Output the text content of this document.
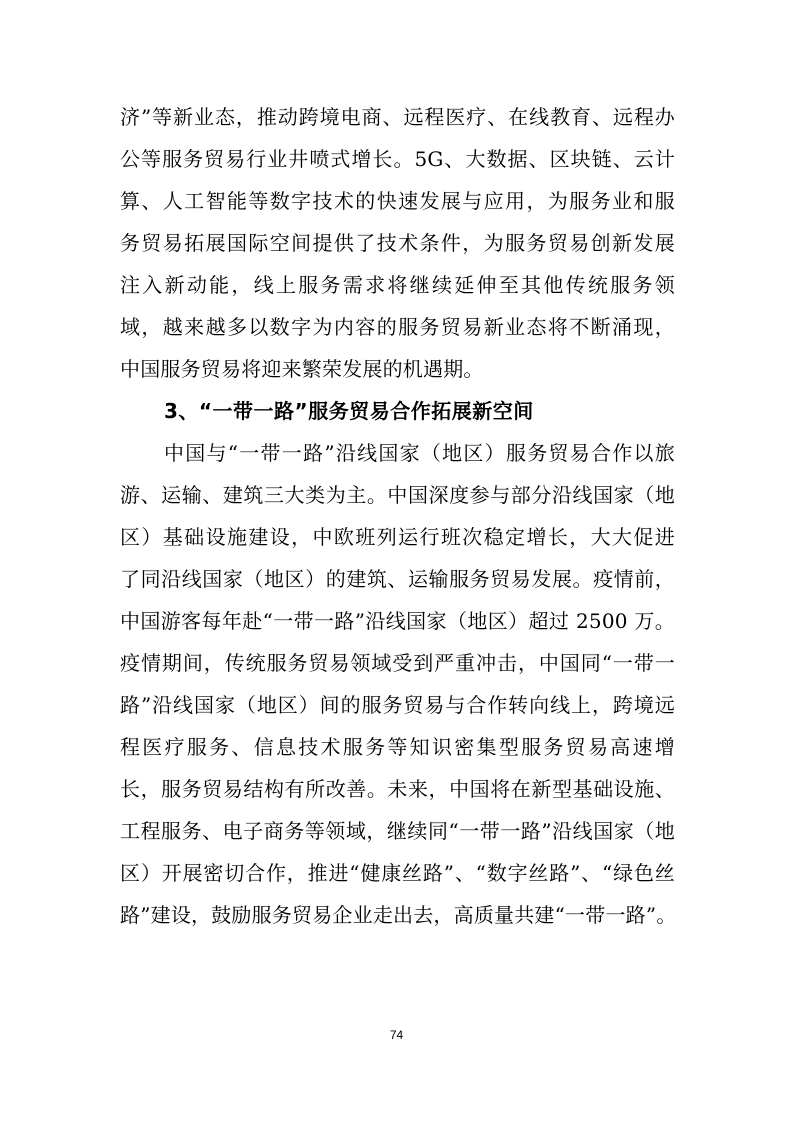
济”等新业态，推动跨境电商、远程医疗、在线教育、远程办
公等服务贸易行业井喷式增长。5G、大数据、区块链、云计
算、人工智能等数字技术的快速发展与应用，为服务业和服
务贸易拓展国际空间提供了技术条件，为服务贸易创新发展
注入新动能，线上服务需求将继续延伸至其他传统服务领
域，越来越多以数字为内容的服务贸易新业态将不断涌现，
中国服务贸易将迎来繁荣发展的机遇期。
3、“一带一路”服务贸易合作拓展新空间
中国与“一带一路”沿线国家（地区）服务贸易合作以旅
游、运输、建筑三大类为主。中国深度参与部分沿线国家（地
区）基础设施建设，中欧班列运行班次稳定增长，大大促进
了同沿线国家（地区）的建筑、运输服务贸易发展。疫情前，
中国游客每年赴“一带一路”沿线国家（地区）超过 2500 万。
疫情期间，传统服务贸易领域受到严重冲击，中国同“一带一
路”沿线国家（地区）间的服务贸易与合作转向线上，跨境远
程医疗服务、信息技术服务等知识密集型服务贸易高速增
长，服务贸易结构有所改善。未来，中国将在新型基础设施、
工程服务、电子商务等领域，继续同“一带一路”沿线国家（地
区）开展密切合作，推进“健康丝路”、“数字丝路”、“绿色丝
路”建设，鼓励服务贸易企业走出去，高质量共建“一带一路”。
74
